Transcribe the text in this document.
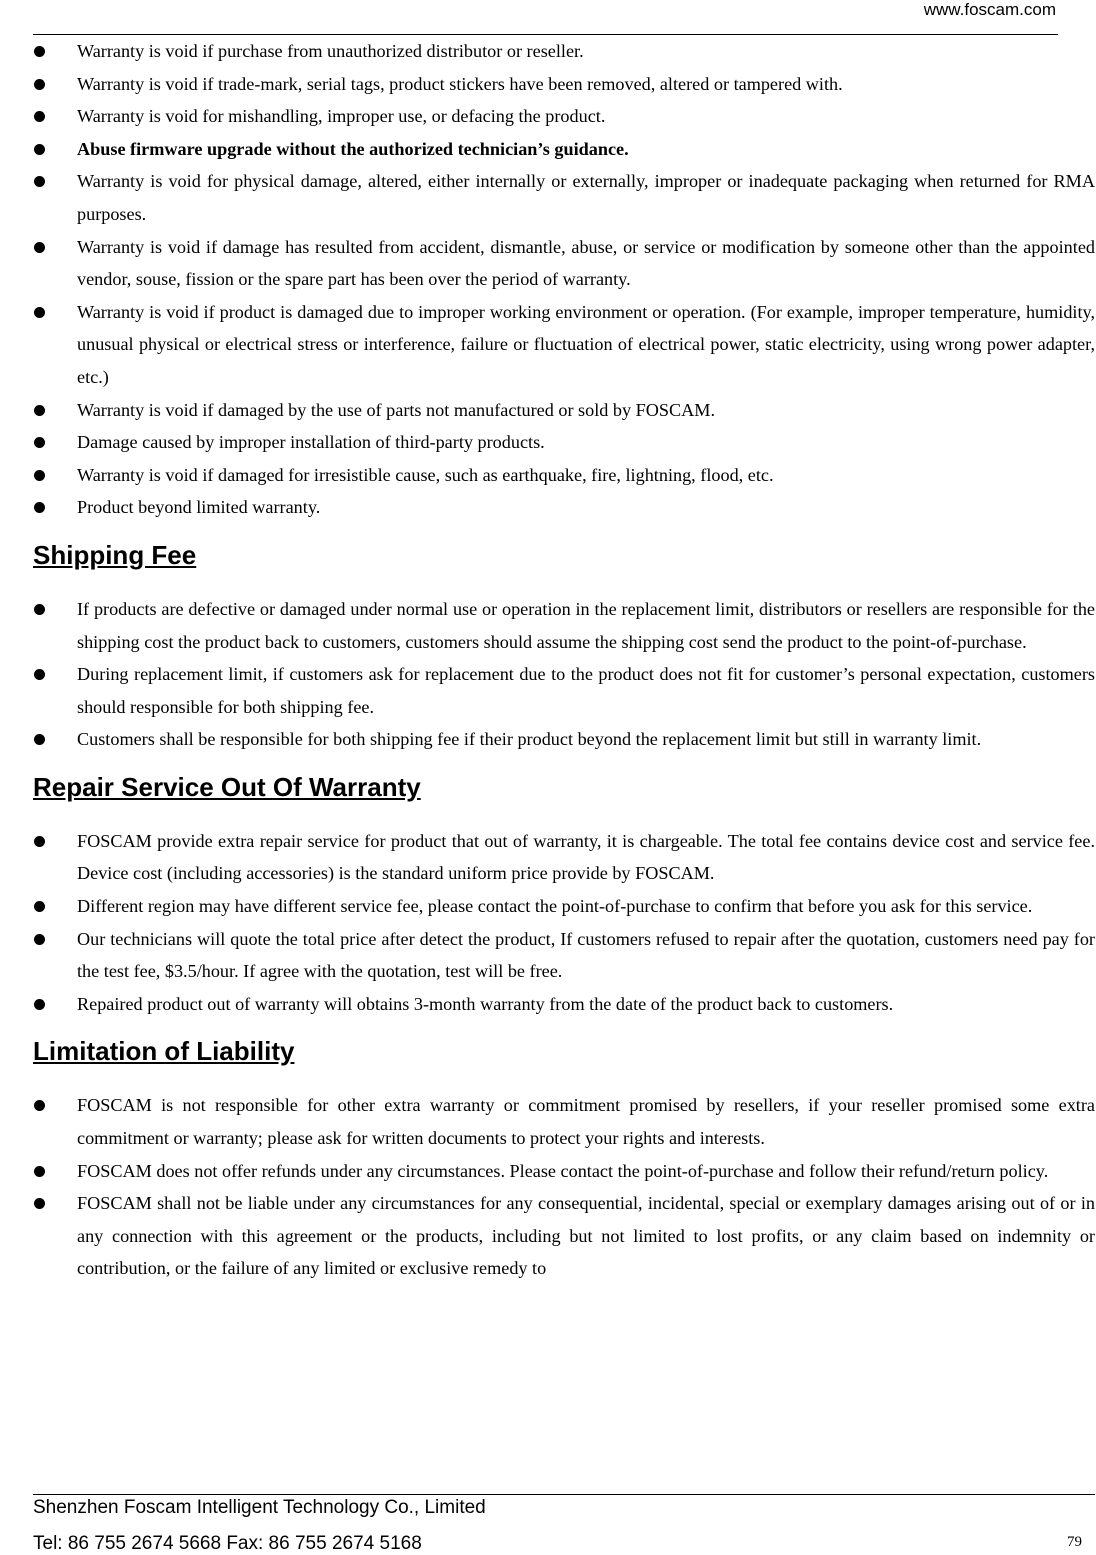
www.foscam.com
Warranty is void if purchase from unauthorized distributor or reseller.
Warranty is void if trade-mark, serial tags, product stickers have been removed, altered or tampered with.
Warranty is void for mishandling, improper use, or defacing the product.
Abuse firmware upgrade without the authorized technician’s guidance.
Warranty is void for physical damage, altered, either internally or externally, improper or inadequate packaging when returned for RMA purposes.
Warranty is void if damage has resulted from accident, dismantle, abuse, or service or modification by someone other than the appointed vendor, souse, fission or the spare part has been over the period of warranty.
Warranty is void if product is damaged due to improper working environment or operation. (For example, improper temperature, humidity, unusual physical or electrical stress or interference, failure or fluctuation of electrical power, static electricity, using wrong power adapter, etc.)
Warranty is void if damaged by the use of parts not manufactured or sold by FOSCAM.
Damage caused by improper installation of third-party products.
Warranty is void if damaged for irresistible cause, such as earthquake, fire, lightning, flood, etc.
Product beyond limited warranty.
Shipping Fee
If products are defective or damaged under normal use or operation in the replacement limit, distributors or resellers are responsible for the shipping cost the product back to customers, customers should assume the shipping cost send the product to the point-of-purchase.
During replacement limit, if customers ask for replacement due to the product does not fit for customer’s personal expectation, customers should responsible for both shipping fee.
Customers shall be responsible for both shipping fee if their product beyond the replacement limit but still in warranty limit.
Repair Service Out Of Warranty
FOSCAM provide extra repair service for product that out of warranty, it is chargeable. The total fee contains device cost and service fee. Device cost (including accessories) is the standard uniform price provide by FOSCAM.
Different region may have different service fee, please contact the point-of-purchase to confirm that before you ask for this service.
Our technicians will quote the total price after detect the product, If customers refused to repair after the quotation, customers need pay for the test fee, $3.5/hour. If agree with the quotation, test will be free.
Repaired product out of warranty will obtains 3-month warranty from the date of the product back to customers.
Limitation of Liability
FOSCAM is not responsible for other extra warranty or commitment promised by resellers, if your reseller promised some extra commitment or warranty; please ask for written documents to protect your rights and interests.
FOSCAM does not offer refunds under any circumstances. Please contact the point-of-purchase and follow their refund/return policy.
FOSCAM shall not be liable under any circumstances for any consequential, incidental, special or exemplary damages arising out of or in any connection with this agreement or the products, including but not limited to lost profits, or any claim based on indemnity or contribution, or the failure of any limited or exclusive remedy to
Shenzhen Foscam Intelligent Technology Co., Limited
Tel: 86 755 2674 5668 Fax: 86 755 2674 5168	79
